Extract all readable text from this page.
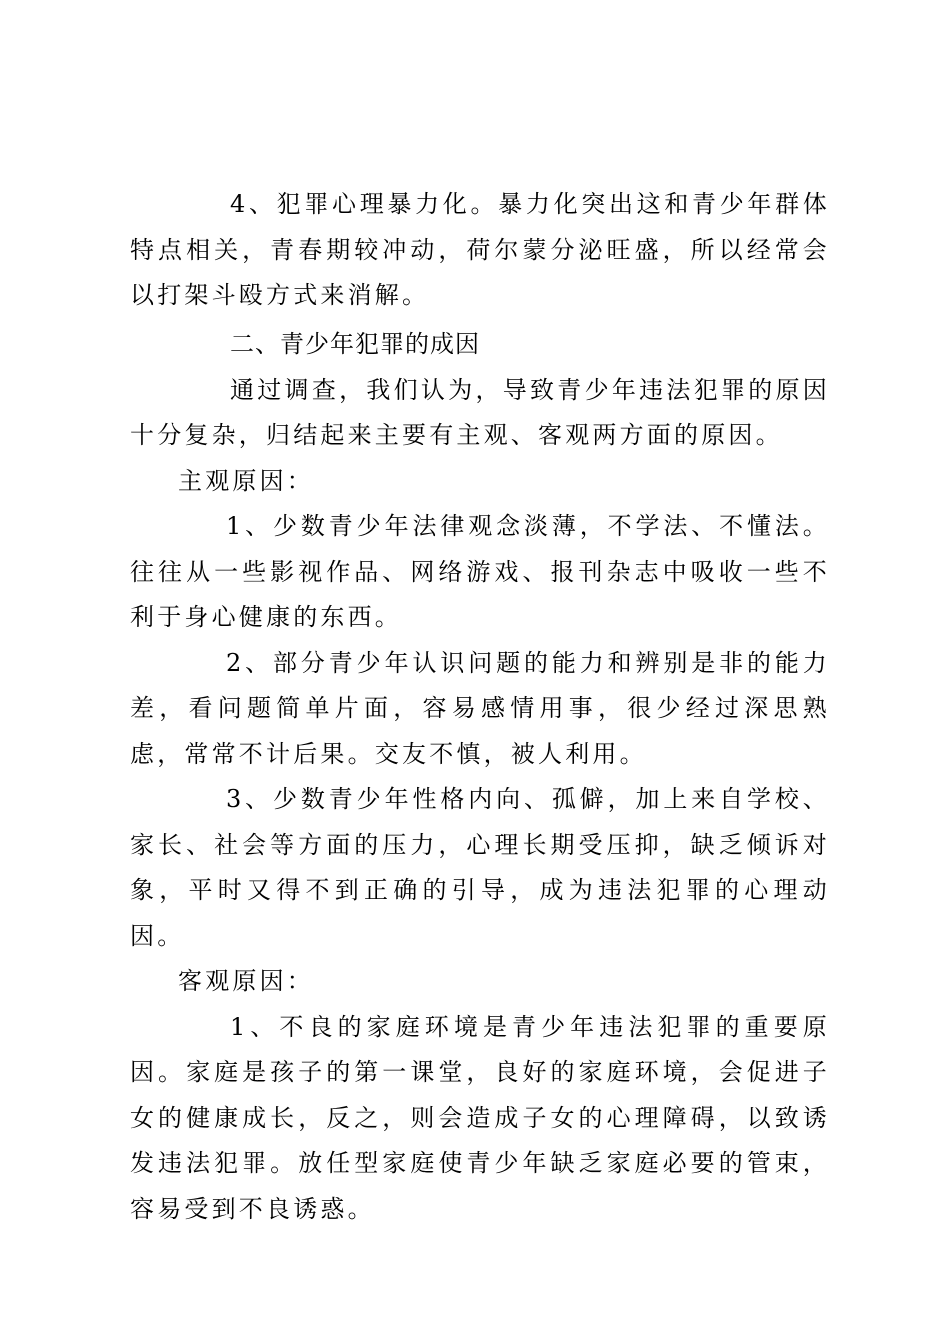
4、犯罪心理暴力化。暴力化突出这和青少年群体特点相关，青春期较冲动，荷尔蒙分泌旺盛，所以经常会以打架斗殴方式来消解。

二、青少年犯罪的成因

通过调查，我们认为，导致青少年违法犯罪的原因十分复杂，归结起来主要有主观、客观两方面的原因。

主观原因：

1、少数青少年法律观念淡薄，不学法、不懂法。往往从一些影视作品、网络游戏、报刊杂志中吸收一些不利于身心健康的东西。

2、部分青少年认识问题的能力和辨别是非的能力差，看问题简单片面，容易感情用事，很少经过深思熟虑，常常不计后果。交友不慎，被人利用。

3、少数青少年性格内向、孤僻，加上来自学校、家长、社会等方面的压力，心理长期受压抑，缺乏倾诉对象，平时又得不到正确的引导，成为违法犯罪的心理动因。

客观原因：

1、不良的家庭环境是青少年违法犯罪的重要原因。家庭是孩子的第一课堂，良好的家庭环境，会促进子女的健康成长，反之，则会造成子女的心理障碍，以致诱发违法犯罪。放任型家庭使青少年缺乏家庭必要的管束，容易受到不良诱惑。
